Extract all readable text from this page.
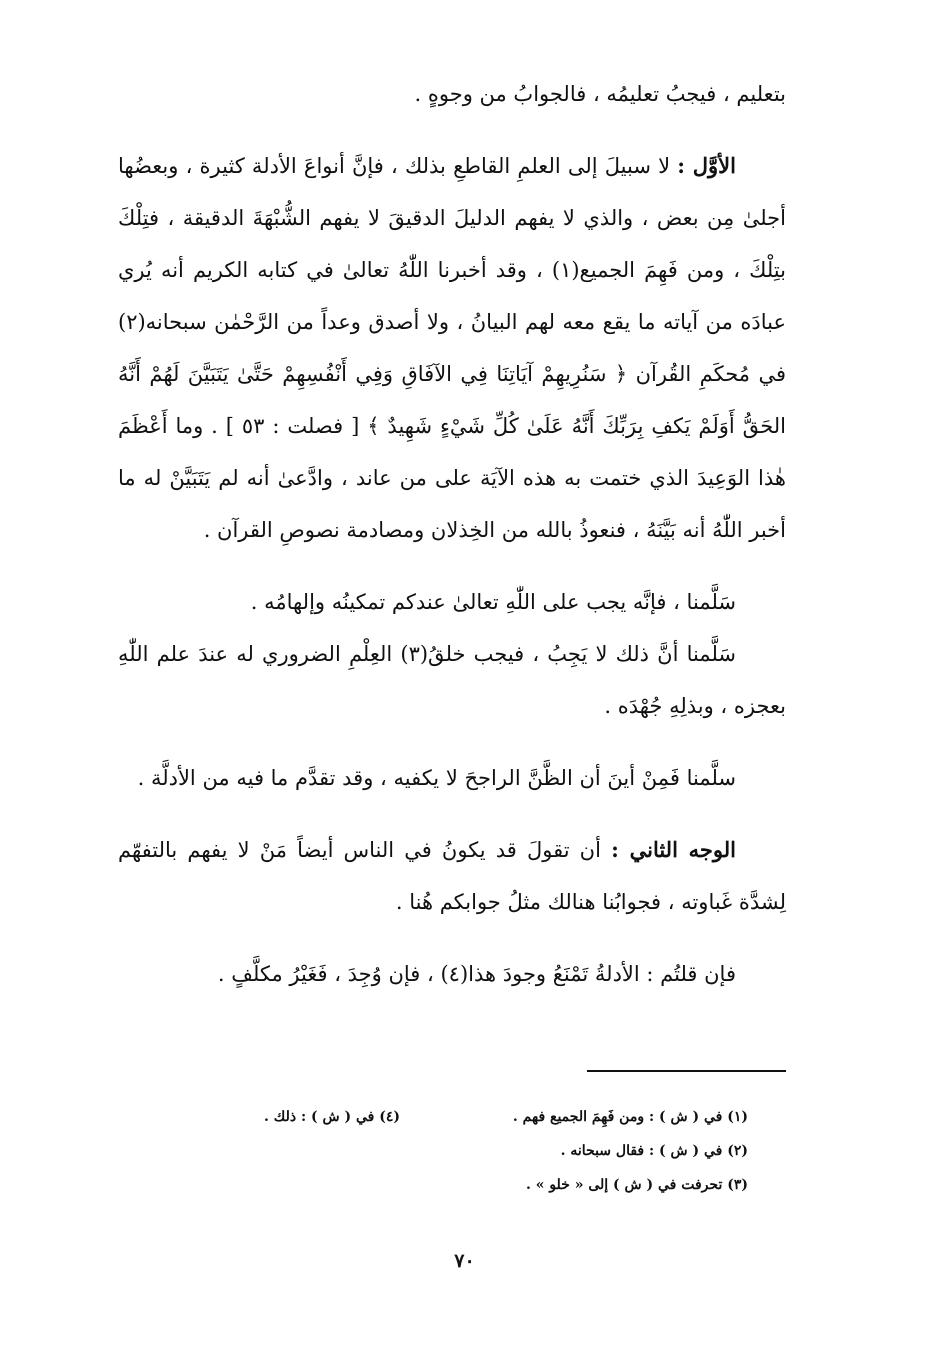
بتعليم ، فيجبُ تعليمُه ، فالجوابُ من وجوهٍ .

الأوَّل : لا سبيلَ إلى العلمِ القاطعِ بذلك ، فإنَّ أنواعَ الأدلة كثيرة ، وبعضُها أجلىٰ مِن بعض ، والذي لا يفهم الدليلَ الدقيقَ لا يفهم الشُّبْهَةَ الدقيقة ، فتِلْكَ بتِلْكَ ، ومن فَهِمَ الجميع(١) ، وقد أخبرنا اللّٰهُ تعالىٰ في كتابه الكريم أنه يُري عبادَه من آياته ما يقع معه لهم البيانُ ، ولا أصدق وعداً من الرَّحْمٰن سبحانه(٢) في مُحكَمِ القُرآن ﴿ سَنُرِيهِمْ آيَاتِنَا فِي الآفَاقِ وَفِي أَنْفُسِهِمْ حَتَّىٰ يَتَبَيَّنَ لَهُمْ أَنَّهُ الحَقُّ أَوَلَمْ يَكفِ بِرَبِّكَ أَنَّهُ عَلَىٰ كُلِّ شَيْءٍ شَهِيدٌ ﴾ [ فصلت : ٥٣ ] . وما أَعْظَمَ هٰذا الوَعِيدَ الذي ختمت به هذه الآيَة على من عاند ، وادَّعىٰ أنه لم يَتَبَيَّنْ له ما أخبر اللّٰهُ أنه بَيَّنَهُ ، فنعوذُ بالله من الخِذلان ومصادمة نصوصِ القرآن .

سَلَّمنا ، فإنَّه يجب على اللّٰهِ تعالىٰ عندكم تمكينُه وإلهامُه .

سَلَّمنا أنَّ ذلك لا يَجِبُ ، فيجب خلقُ(٣) العِلْمِ الضروري له عندَ علم اللّٰهِ بعجزه ، وبذلِهِ جُهْدَه .

سلَّمنا فَمِنْ أينَ أن الظَّنَّ الراجحَ لا يكفيه ، وقد تقدَّم ما فيه من الأدلَّة .

الوجه الثاني : أن تقولَ قد يكونُ في الناس أيضاً مَنْ لا يفهم بالتفهّم لِشدَّة غَباوته ، فجوابُنا هنالك مثلُ جوابكم هُنا .

فإن قلتُم : الأدلةُ تَمْنَعُ وجودَ هذا(٤) ، فإن وُجِدَ ، فَغَيْرُ مكلَّفٍ .

(١) في ( ش ) : ومن فَهِمَ الجميع فهم .
(٤) في ( ش ) : ذلك .
(٢) في ( ش ) : فقال سبحانه .
(٣) تحرفت في ( ش ) إلى « خلو » .
٧٠
